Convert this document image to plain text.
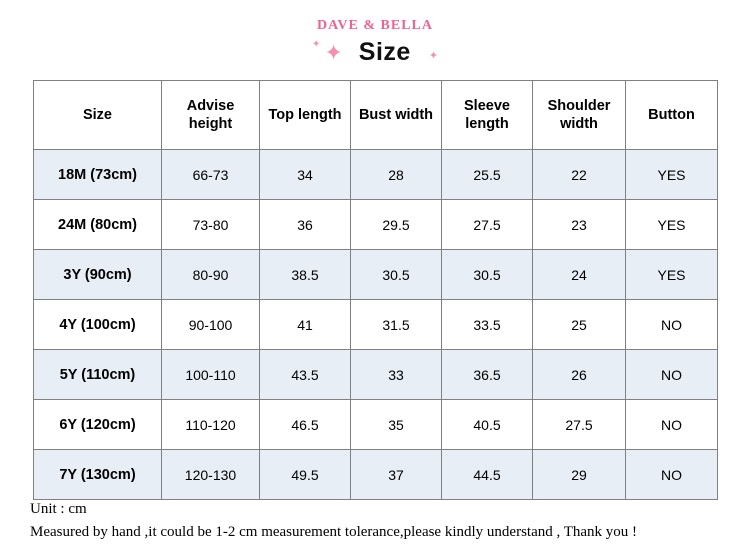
DAVE & BELLA
✦ ✦ Size ✦
Size	Advise height	Top length	Bust width	Sleeve length	Shoulder width	Button
18M (73cm)	66-73	34	28	25.5	22	YES
24M (80cm)	73-80	36	29.5	27.5	23	YES
3Y (90cm)	80-90	38.5	30.5	30.5	24	YES
4Y (100cm)	90-100	41	31.5	33.5	25	NO
5Y (110cm)	100-110	43.5	33	36.5	26	NO
6Y (120cm)	110-120	46.5	35	40.5	27.5	NO
7Y (130cm)	120-130	49.5	37	44.5	29	NO
Unit : cm
Measured by hand ,it could be 1-2 cm measurement tolerance,please kindly understand , Thank you !
